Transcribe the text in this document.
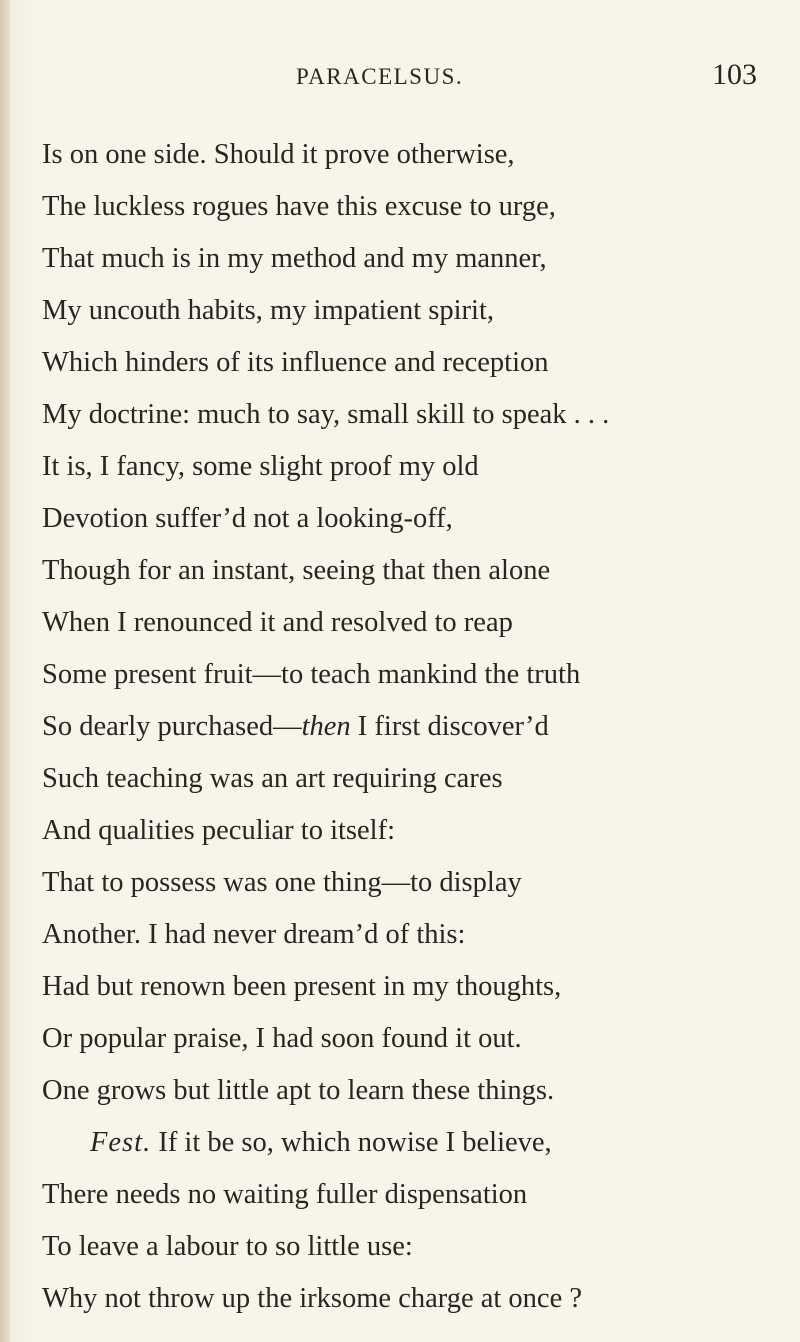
PARACELSUS.	103
Is on one side. Should it prove otherwise,
The luckless rogues have this excuse to urge,
That much is in my method and my manner,
My uncouth habits, my impatient spirit,
Which hinders of its influence and reception
My doctrine: much to say, small skill to speak . . .
It is, I fancy, some slight proof my old
Devotion suffer’d not a looking-off,
Though for an instant, seeing that then alone
When I renounced it and resolved to reap
Some present fruit—to teach mankind the truth
So dearly purchased—then I first discover’d
Such teaching was an art requiring cares
And qualities peculiar to itself:
That to possess was one thing—to display
Another. I had never dream’d of this:
Had but renown been present in my thoughts,
Or popular praise, I had soon found it out.
One grows but little apt to learn these things.
Fest. If it be so, which nowise I believe,
There needs no waiting fuller dispensation
To leave a labour to so little use:
Why not throw up the irksome charge at once ?
